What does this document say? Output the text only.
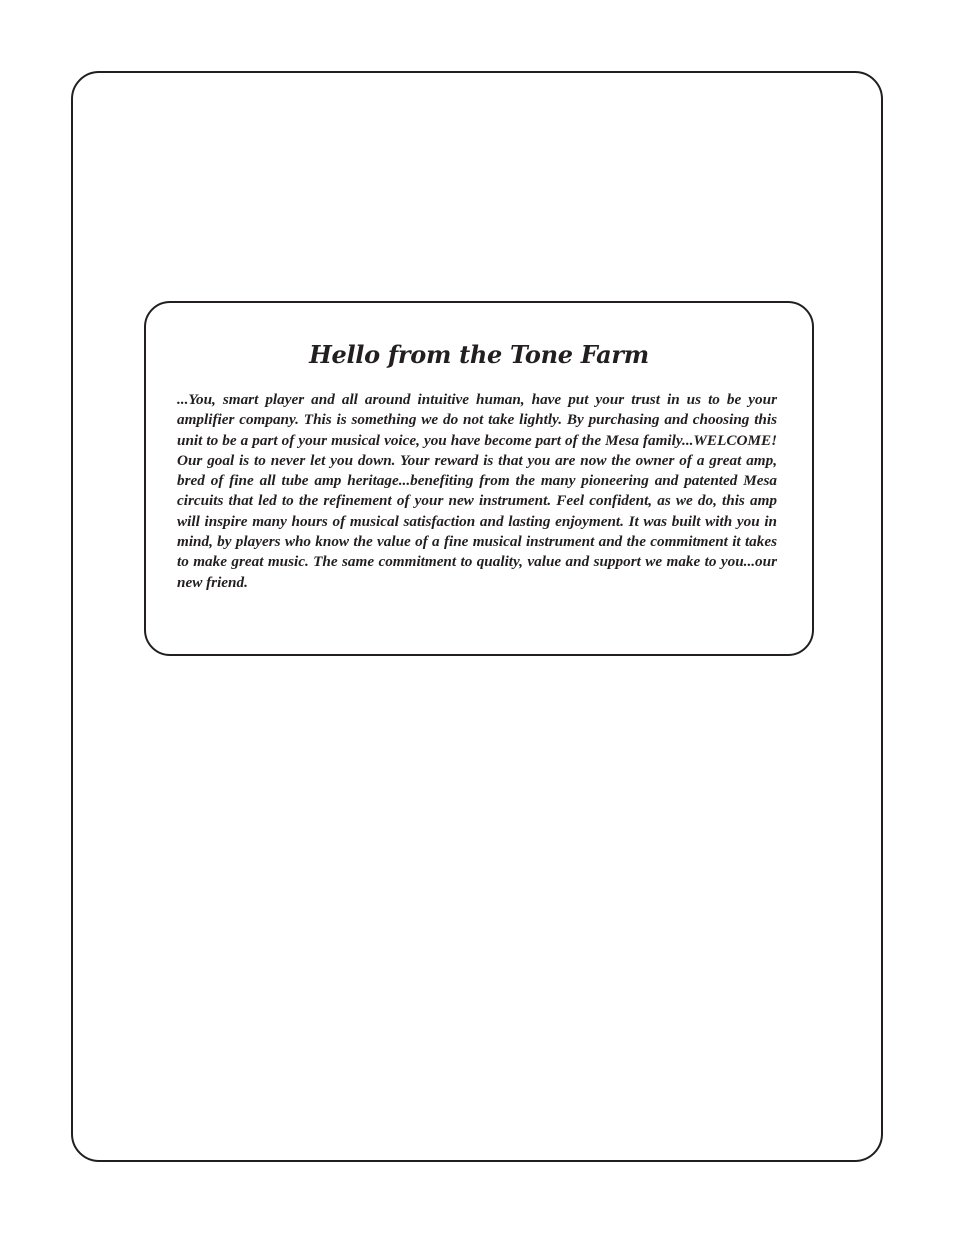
Hello from the Tone Farm

...You, smart player and all around intuitive human, have put your trust in us to be your amplifier company. This is something we do not take lightly. By purchasing and choosing this unit to be a part of your musical voice, you have become part of the Mesa family...WELCOME! Our goal is to never let you down. Your reward is that you are now the owner of a great amp, bred of fine all tube amp heritage...benefiting from the many pioneering and patented Mesa circuits that led to the refinement of your new instrument. Feel confident, as we do, this amp will inspire many hours of musical satisfaction and lasting enjoyment. It was built with you in mind, by players who know the value of a fine musical instrument and the commitment it takes to make great music. The same commitment to quality, value and support we make to you...our new friend.
